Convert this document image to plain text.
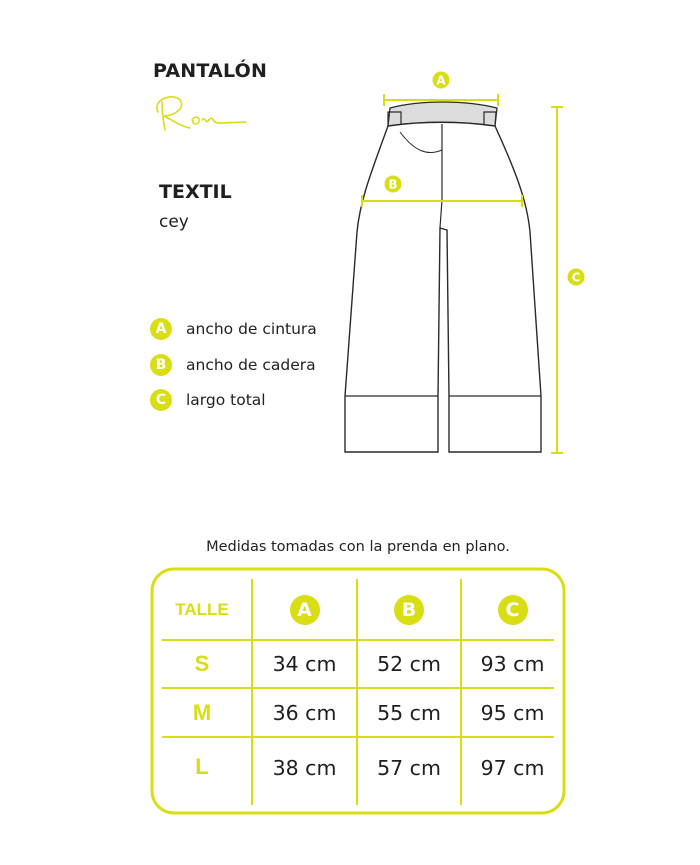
PANTALÓN
TEXTIL
cey
A	ancho de cintura
B	ancho de cadera
C	largo total
A
B
C
Medidas tomadas con la prenda en plano.
TALLE	A	B	C
S	34 cm	52 cm	93 cm
M	36 cm	55 cm	95 cm
L	38 cm	57 cm	97 cm
